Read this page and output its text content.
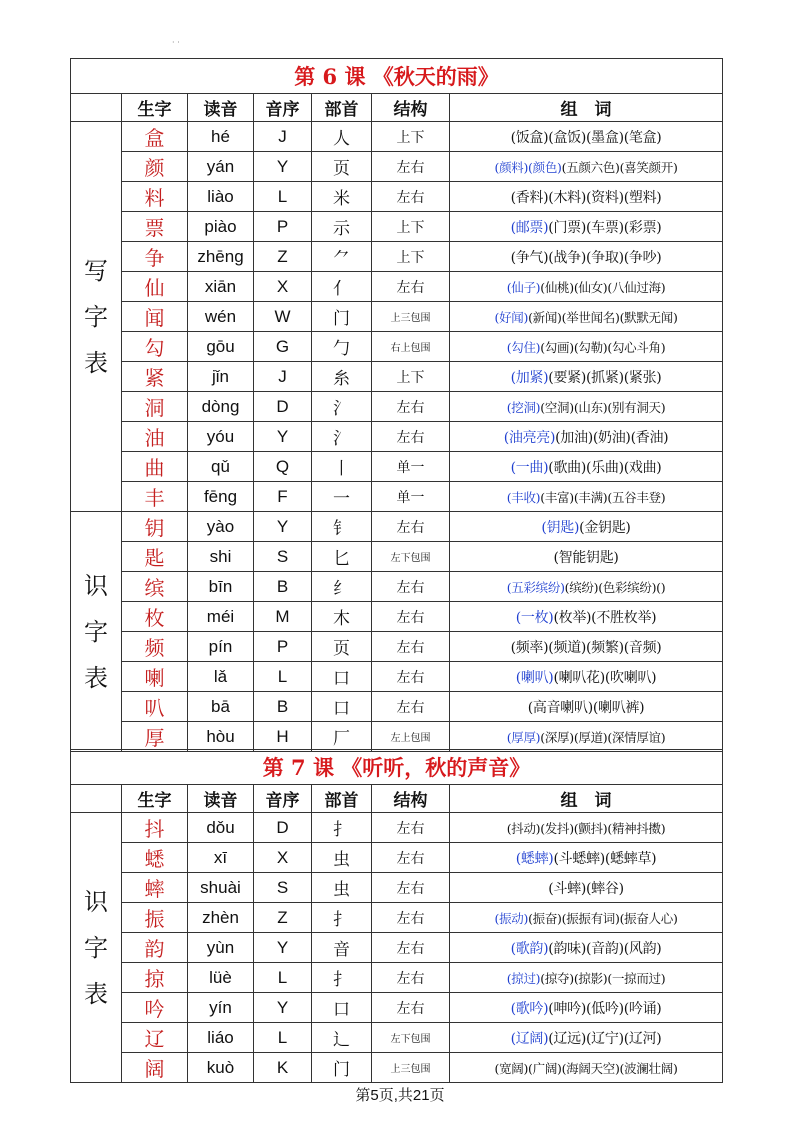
· ·
第 6 课 《秋天的雨》						
	生字	读音	音序	部首	结构	组　词

写
字
表	盒	hé	J	人	上下	(饭盒)(盒饭)(墨盒)(笔盒)
	颜	yán	Y	页	左右	(颜料)(颜色)(五颜六色)(喜笑颜开)
	料	liào	L	米	左右	(香料)(木料)(资料)(塑料)
	票	piào	P	示	上下	(邮票)(门票)(车票)(彩票)
	争	zhēng	Z	⺈	上下	(争气)(战争)(争取)(争吵)
	仙	xiān	X	亻	左右	(仙子)(仙桃)(仙女)(八仙过海)
	闻	wén	W	门	上三包围	(好闻)(新闻)(举世闻名)(默默无闻)
	勾	gōu	G	勹	右上包围	(勾住)(勾画)(勾勒)(勾心斗角)
	紧	jǐn	J	糸	上下	(加紧)(要紧)(抓紧)(紧张)
	洞	dòng	D	氵	左右	(挖洞)(空洞)(山东)(别有洞天)
	油	yóu	Y	氵	左右	(油亮亮)(加油)(奶油)(香油)
	曲	qǔ	Q	丨	单一	(一曲)(歌曲)(乐曲)(戏曲)
	丰	fēng	F	一	单一	(丰收)(丰富)(丰满)(五谷丰登)

识
字
表	钥	yào	Y	钅	左右	(钥匙)(金钥匙)
	匙	shi	S	匕	左下包围	(智能钥匙)
	缤	bīn	B	纟	左右	(五彩缤纷)(缤纷)(色彩缤纷)()
	枚	méi	M	木	左右	(一枚)(枚举)(不胜枚举)
	频	pín	P	页	左右	(频率)(频道)(频繁)(音频)
	喇	lǎ	L	口	左右	(喇叭)(喇叭花)(吹喇叭)
	叭	bā	B	口	左右	(高音喇叭)(喇叭裤)
	厚	hòu	H	厂	左上包围	(厚厚)(深厚)(厚道)(深情厚谊)
第 7 课 《听听，秋的声音》						
	生字	读音	音序	部首	结构	组　词

识
字
表	抖	dǒu	D	扌	左右	(抖动)(发抖)(颤抖)(精神抖擞)
	蟋	xī	X	虫	左右	(蟋蟀)(斗蟋蟀)(蟋蟀草)
	蟀	shuài	S	虫	左右	(斗蟀)(蟀谷)
	振	zhèn	Z	扌	左右	(振动)(振奋)(振振有词)(振奋人心)
	韵	yùn	Y	音	左右	(歌韵)(韵味)(音韵)(风韵)
	掠	lüè	L	扌	左右	(掠过)(掠夺)(掠影)(一掠而过)
	吟	yín	Y	口	左右	(歌吟)(呻吟)(低吟)(吟诵)
	辽	liáo	L	辶	左下包围	(辽阔)(辽远)(辽宁)(辽河)
	阔	kuò	K	门	上三包围	(宽阔)(广阔)(海阔天空)(波澜壮阔)
第5页,共21页
